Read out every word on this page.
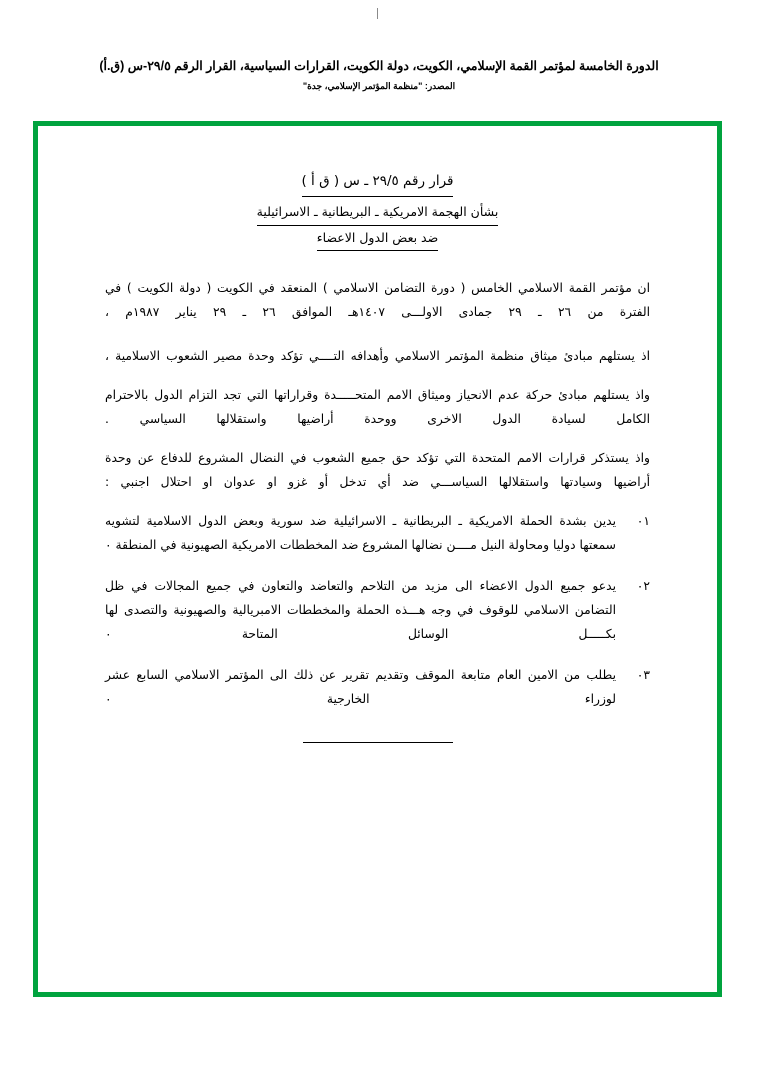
الدورة الخامسة لمؤتمر القمة الإسلامي، الكويت، دولة الكويت، القرارات السياسية، القرار الرقم ٢٩/٥-س (ق.أ)
المصدر: "منظمة المؤتمر الإسلامي، جدة"
قرار رقم ٢٩/٥ ـ س ( ق أ )
بشأن الهجمة الامريكية ـ البريطانية ـ الاسرائيلية
ضد بعض الدول الاعضاء

ان مؤتمر القمة الاسلامي الخامس ( دورة التضامن الاسلامي ) المنعقد في الكويت ( دولة الكويت ) في الفترة من ٢٦ ـ ٢٩ جمادى الاولـــى ١٤٠٧هـ الموافق ٢٦ ـ ٢٩ يناير ١٩٨٧م ،

اذ يستلهم مبادئ ميثاق منظمة المؤتمر الاسلامي وأهدافه التــــي تؤكد وحدة مصير الشعوب الاسلامية ،

واذ يستلهم مبادئ حركة عدم الانحياز وميثاق الامم المتحـــــدة وقراراتها التي تجد التزام الدول بالاحترام الكامل لسيادة الدول الاخرى ووحدة أراضيها واستقلالها السياسي .

واذ يستذكر قرارات الامم المتحدة التي تؤكد حق جميع الشعوب في النضال المشروع للدفاع عن وحدة أراضيها وسيادتها واستقلالها السياســـي ضد أي تدخل أو غزو او عدوان او احتلال اجنبي :

٠١
يدين بشدة الحملة الامريكية ـ البريطانية ـ الاسرائيلية ضد سورية وبعض الدول الاسلامية لتشويه سمعتها دوليا ومحاولة النيل مــــن نضالها المشروع ضد المخططات الامريكية الصهيونية في المنطقة ٠
٠٢
يدعو جميع الدول الاعضاء الى مزيد من التلاحم والتعاضد والتعاون في جميع المجالات في ظل التضامن الاسلامي للوقوف في وجه هـــذه الحملة والمخططات الامبريالية والصهيونية والتصدى لها بكـــــل الوسائل المتاحة ٠
٠٣
يطلب من الامين العام متابعة الموقف وتقديم تقرير عن ذلك الى المؤتمر الاسلامي السابع عشر لوزراء الخارجية ٠
